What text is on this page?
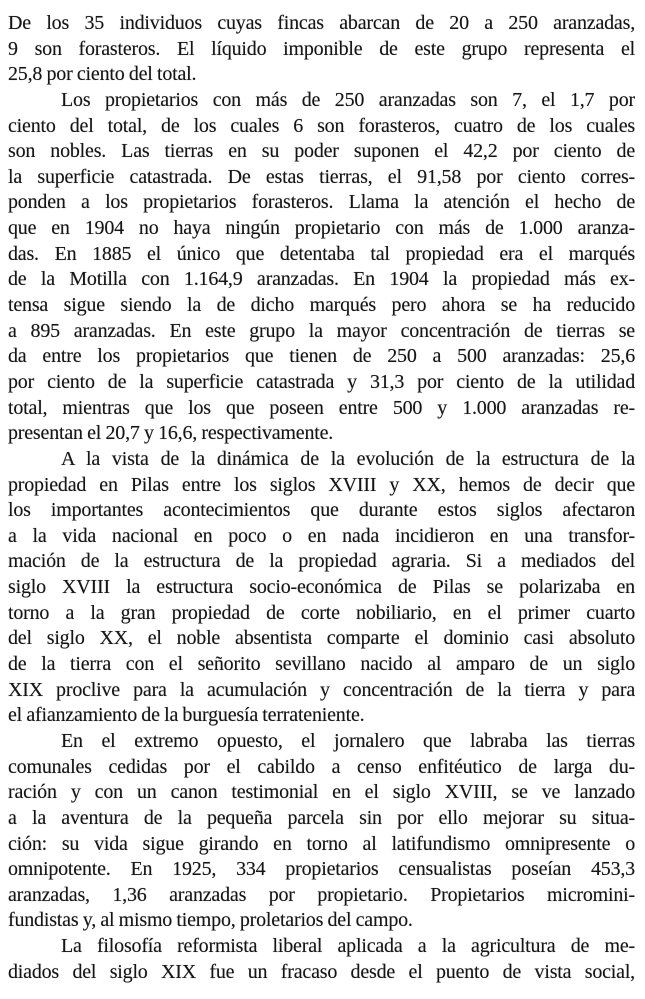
De los 35 individuos cuyas fincas abarcan de 20 a 250 aranzadas,
9 son forasteros. El líquido imponible de este grupo representa el
25,8 por ciento del total.
Los propietarios con más de 250 aranzadas son 7, el 1,7 por
ciento del total, de los cuales 6 son forasteros, cuatro de los cuales
son nobles. Las tierras en su poder suponen el 42,2 por ciento de
la superficie catastrada. De estas tierras, el 91,58 por ciento corres-
ponden a los propietarios forasteros. Llama la atención el hecho de
que en 1904 no haya ningún propietario con más de 1.000 aranza-
das. En 1885 el único que detentaba tal propiedad era el marqués
de la Motilla con 1.164,9 aranzadas. En 1904 la propiedad más ex-
tensa sigue siendo la de dicho marqués pero ahora se ha reducido
a 895 aranzadas. En este grupo la mayor concentración de tierras se
da entre los propietarios que tienen de 250 a 500 aranzadas: 25,6
por ciento de la superficie catastrada y 31,3 por ciento de la utilidad
total, mientras que los que poseen entre 500 y 1.000 aranzadas re-
presentan el 20,7 y 16,6, respectivamente.
A la vista de la dinámica de la evolución de la estructura de la
propiedad en Pilas entre los siglos XVIII y XX, hemos de decir que
los importantes acontecimientos que durante estos siglos afectaron
a la vida nacional en poco o en nada incidieron en una transfor-
mación de la estructura de la propiedad agraria. Si a mediados del
siglo XVIII la estructura socio-económica de Pilas se polarizaba en
torno a la gran propiedad de corte nobiliario, en el primer cuarto
del siglo XX, el noble absentista comparte el dominio casi absoluto
de la tierra con el señorito sevillano nacido al amparo de un siglo
XIX proclive para la acumulación y concentración de la tierra y para
el afianzamiento de la burguesía terrateniente.
En el extremo opuesto, el jornalero que labraba las tierras
comunales cedidas por el cabildo a censo enfitéutico de larga du-
ración y con un canon testimonial en el siglo XVIII, se ve lanzado
a la aventura de la pequeña parcela sin por ello mejorar su situa-
ción: su vida sigue girando en torno al latifundismo omnipresente o
omnipotente. En 1925, 334 propietarios censualistas poseían 453,3
aranzadas, 1,36 aranzadas por propietario. Propietarios micromini-
fundistas y, al mismo tiempo, proletarios del campo.
La filosofía reformista liberal aplicada a la agricultura de me-
diados del siglo XIX fue un fracaso desde el puento de vista social,
